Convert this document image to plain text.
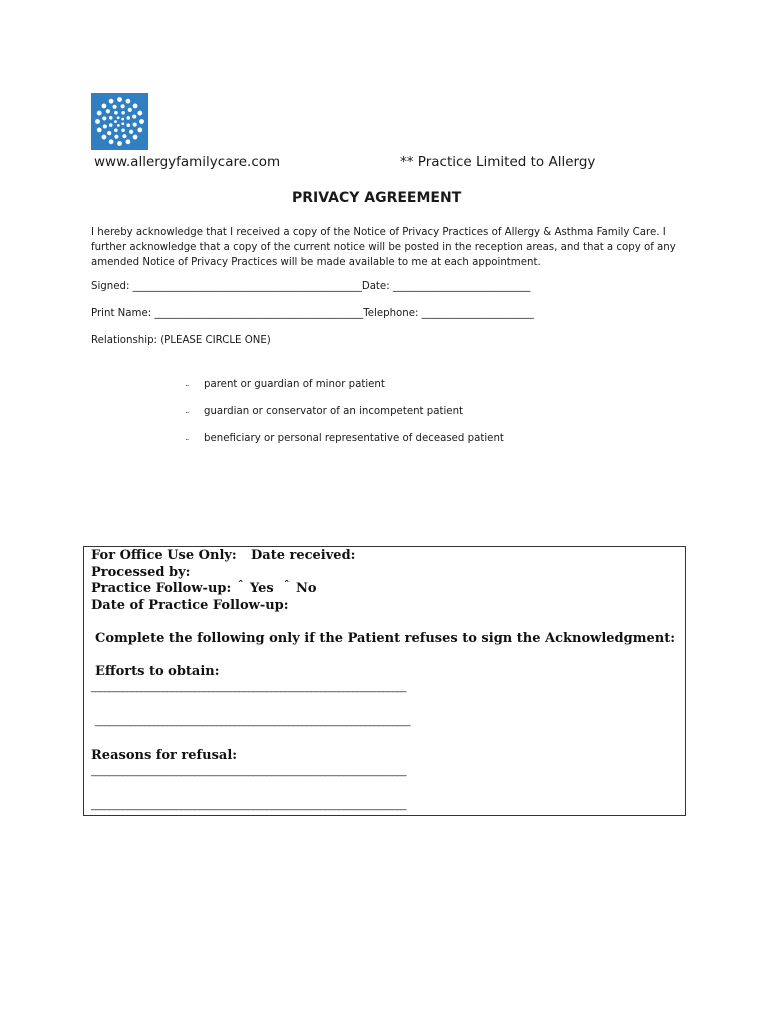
www.allergyfamilycare.com	** Practice Limited to Allergy
PRIVACY AGREEMENT
I hereby acknowledge that I received a copy of the Notice of Privacy Practices of Allergy & Asthma Family Care. I further acknowledge that a copy of the current notice will be posted in the reception areas, and that a copy of any amended Notice of Privacy Practices will be made available to me at each appointment.
Signed: _____________________________________________Date: ___________________________
Print Name: _________________________________________Telephone: ______________________
Relationship: (PLEASE CIRCLE ONE)
¨ parent or guardian of minor patient
¨ guardian or conservator of an incompetent patient
¨ beneficiary or personal representative of deceased patient
For Office Use Only: Date received:
Processed by:
Practice Follow-up: ˆ Yes ˆ No
Date of Practice Follow-up:
Complete the following only if the Patient refuses to sign the Acknowledgment:
Efforts to obtain:
______________________________________________________________________
______________________________________________________________________
Reasons for refusal:
______________________________________________________________________
______________________________________________________________________
